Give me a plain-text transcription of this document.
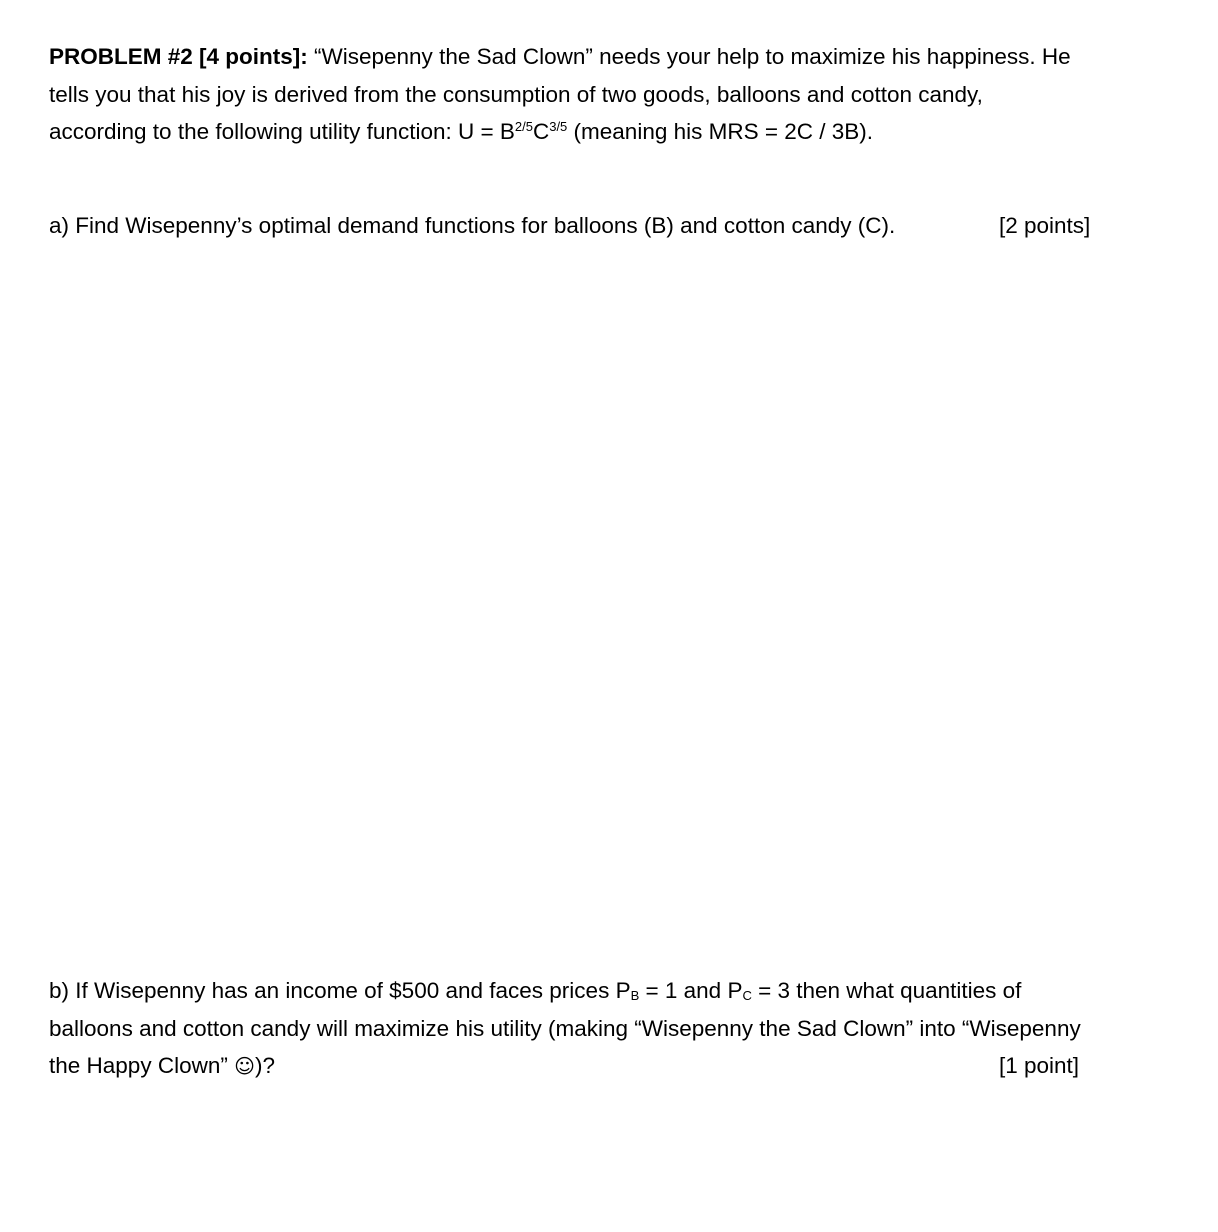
PROBLEM #2 [4 points]: “Wisepenny the Sad Clown” needs your help to maximize his happiness. He
tells you that his joy is derived from the consumption of two goods, balloons and cotton candy,
according to the following utility function: $U = B^{2/5}C^{3/5}$ (meaning his MRS = 2C / 3B).
a) Find Wisepenny’s optimal demand functions for balloons (B) and cotton candy (C).	[2 points]
b) If Wisepenny has an income of $500 and faces prices $P_B = 1$ and $P_C = 3$ then what quantities of
balloons and cotton candy will maximize his utility (making “Wisepenny the Sad Clown” into “Wisepenny
the Happy Clown” ☺)?	[1 point]
